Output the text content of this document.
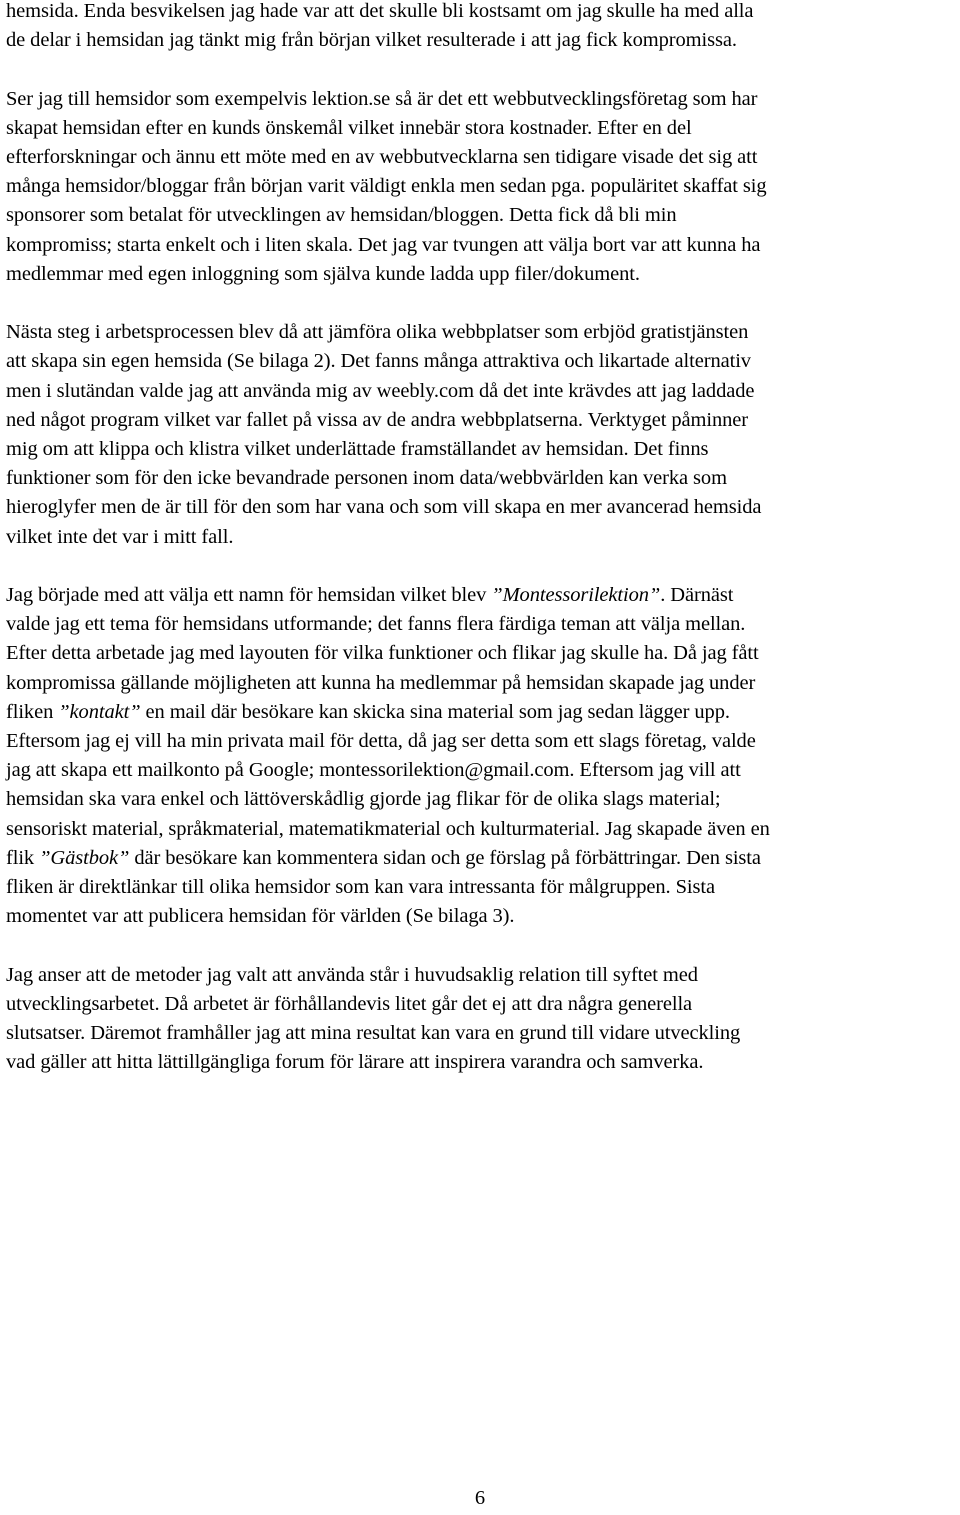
hemsida. Enda besvikelsen jag hade var att det skulle bli kostsamt om jag skulle ha med alla
de delar i hemsidan jag tänkt mig från början vilket resulterade i att jag fick kompromissa.

Ser jag till hemsidor som exempelvis lektion.se så är det ett webbutvecklingsföretag som har
skapat hemsidan efter en kunds önskemål vilket innebär stora kostnader. Efter en del
efterforskningar och ännu ett möte med en av webbutvecklarna sen tidigare visade det sig att
många hemsidor/bloggar från början varit väldigt enkla men sedan pga. populäritet skaffat sig
sponsorer som betalat för utvecklingen av hemsidan/bloggen. Detta fick då bli min
kompromiss; starta enkelt och i liten skala. Det jag var tvungen att välja bort var att kunna ha
medlemmar med egen inloggning som själva kunde ladda upp filer/dokument.

Nästa steg i arbetsprocessen blev då att jämföra olika webbplatser som erbjöd gratistjänsten
att skapa sin egen hemsida (Se bilaga 2). Det fanns många attraktiva och likartade alternativ
men i slutändan valde jag att använda mig av weebly.com då det inte krävdes att jag laddade
ned något program vilket var fallet på vissa av de andra webbplatserna. Verktyget påminner
mig om att klippa och klistra vilket underlättade framställandet av hemsidan. Det finns
funktioner som för den icke bevandrade personen inom data/webbvärlden kan verka som
hieroglyfer men de är till för den som har vana och som vill skapa en mer avancerad hemsida
vilket inte det var i mitt fall.

Jag började med att välja ett namn för hemsidan vilket blev ”Montessorilektion”. Därnäst
valde jag ett tema för hemsidans utformande; det fanns flera färdiga teman att välja mellan.
Efter detta arbetade jag med layouten för vilka funktioner och flikar jag skulle ha. Då jag fått
kompromissa gällande möjligheten att kunna ha medlemmar på hemsidan skapade jag under
fliken ”kontakt” en mail där besökare kan skicka sina material som jag sedan lägger upp.
Eftersom jag ej vill ha min privata mail för detta, då jag ser detta som ett slags företag, valde
jag att skapa ett mailkonto på Google; montessorilektion@gmail.com. Eftersom jag vill att
hemsidan ska vara enkel och lättöverskådlig gjorde jag flikar för de olika slags material;
sensoriskt material, språkmaterial, matematikmaterial och kulturmaterial. Jag skapade även en
flik ”Gästbok” där besökare kan kommentera sidan och ge förslag på förbättringar. Den sista
fliken är direktlänkar till olika hemsidor som kan vara intressanta för målgruppen. Sista
momentet var att publicera hemsidan för världen (Se bilaga 3).

Jag anser att de metoder jag valt att använda står i huvudsaklig relation till syftet med
utvecklingsarbetet. Då arbetet är förhållandevis litet går det ej att dra några generella
slutsatser. Däremot framhåller jag att mina resultat kan vara en grund till vidare utveckling
vad gäller att hitta lättillgängliga forum för lärare att inspirera varandra och samverka.

6
